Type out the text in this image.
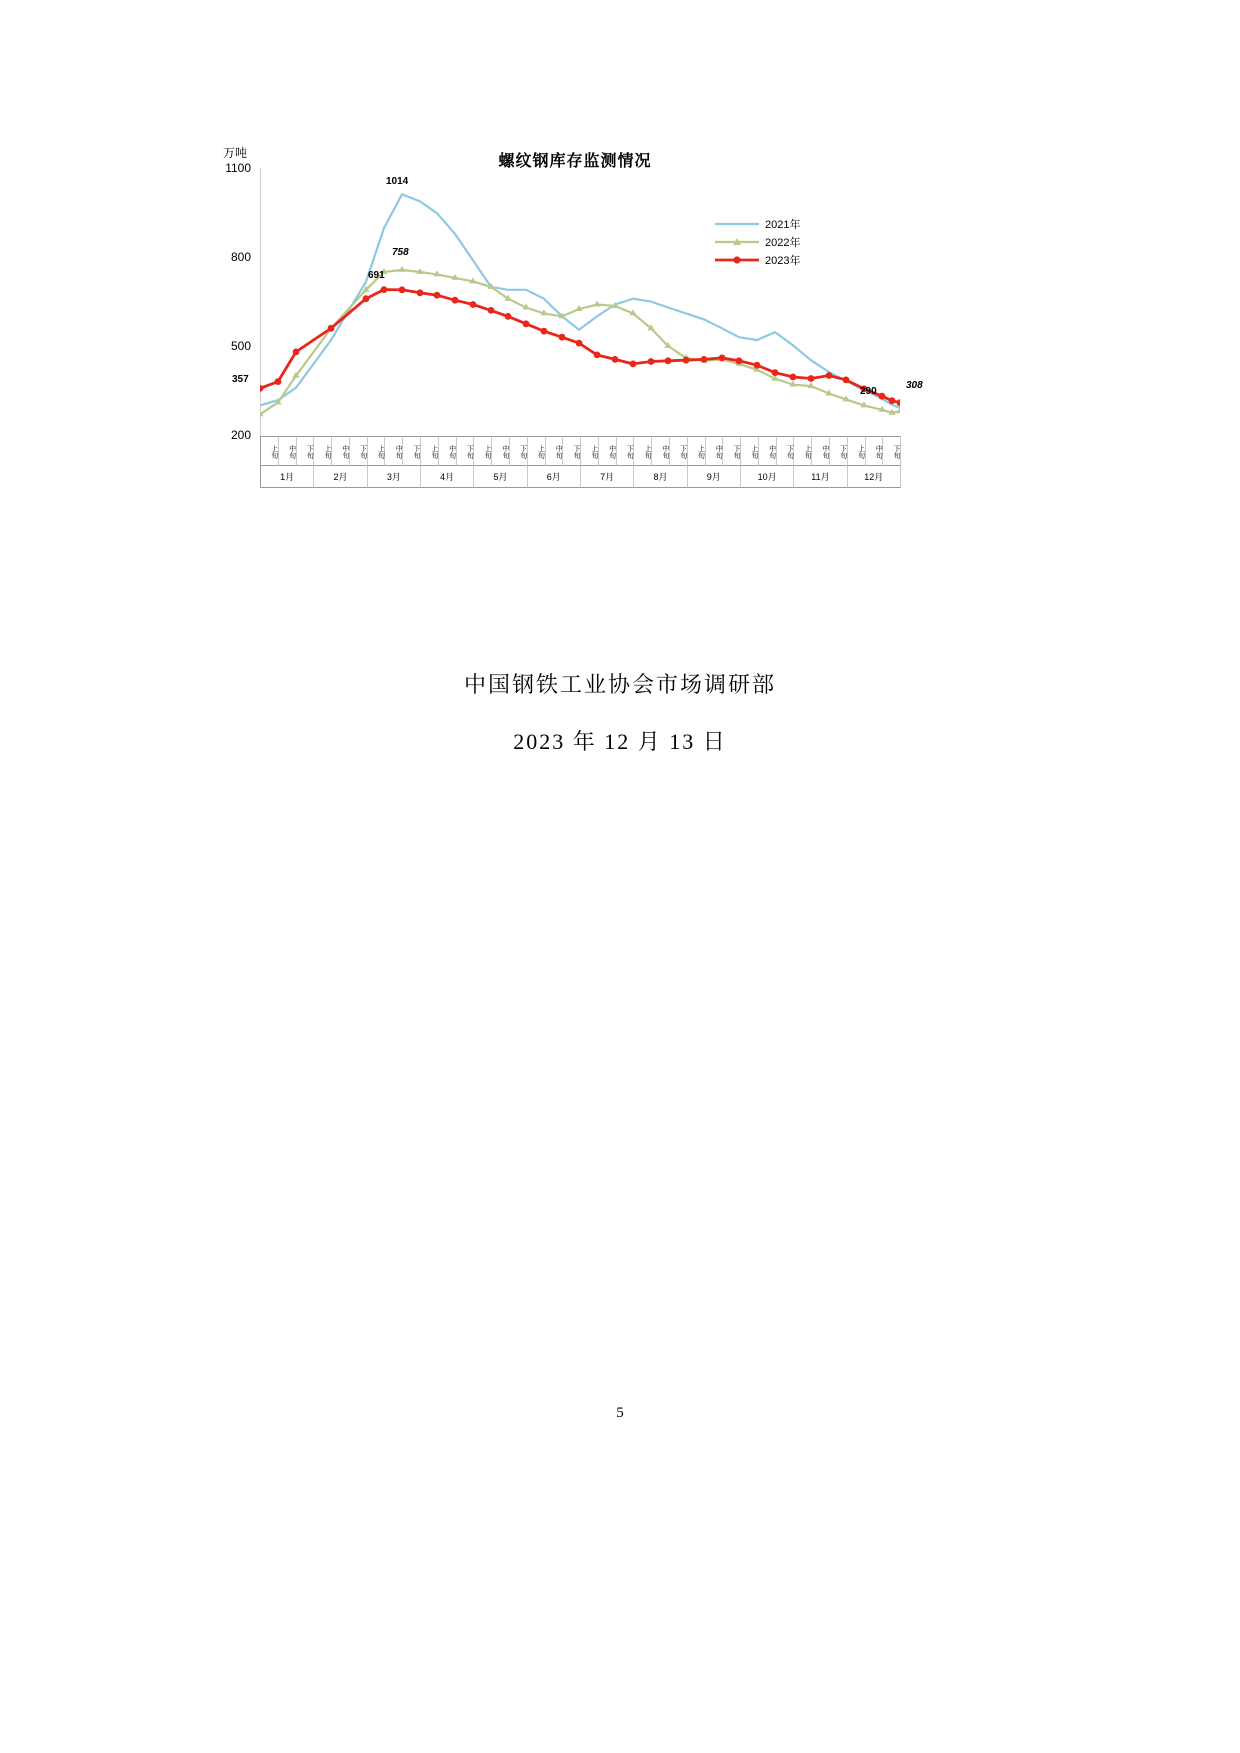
万吨	螺纹钢库存监测情况
1100
800
500
200
357
691
1014
758
290
308
2021年
2022年
2023年
上旬	中旬	下旬	上旬	中旬	下旬	上旬	中旬	下旬	上旬	中旬	下旬	上旬	中旬	下旬	上旬	中旬	下旬	上旬	中旬	下旬	上旬	中旬	下旬	上旬	中旬	下旬	上旬	中旬	下旬	上旬	中旬	下旬	上旬	中旬	下旬
1月	2月	3月	4月	5月	6月	7月	8月	9月	10月	11月	12月
中国钢铁工业协会市场调研部
2023 年 12 月 13 日
5
